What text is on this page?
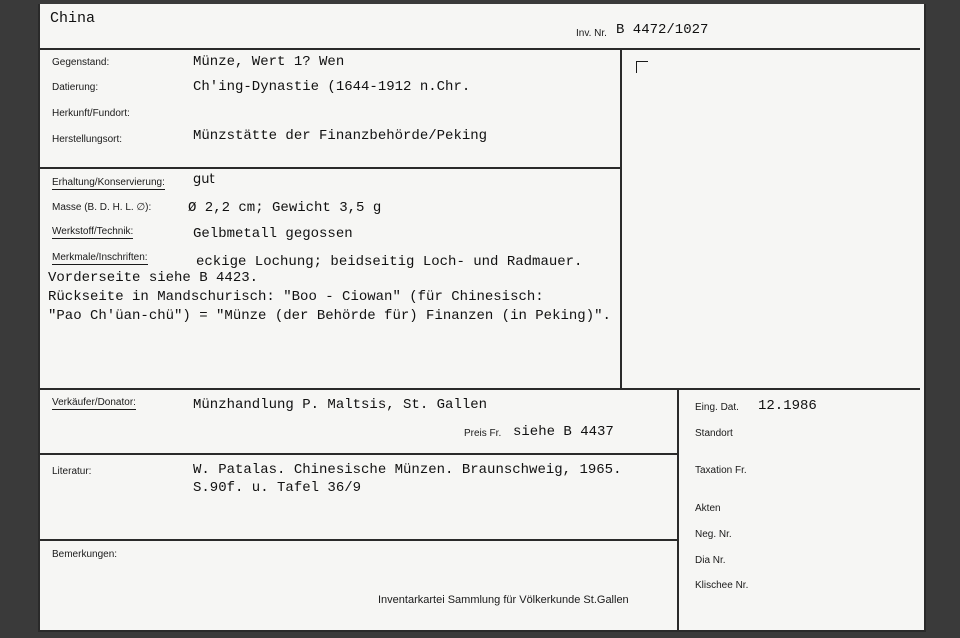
China
Inv. Nr. B 4472/1027
Gegenstand:	Münze, Wert 1? Wen
Datierung:	Ch'ing-Dynastie (1644-1912 n.Chr.
Herkunft/Fundort:
Herstellungsort:	Münzstätte der Finanzbehörde/Peking
Erhaltung/Konservierung: gut
Masse (B. D. H. L. ∅):	Ø 2,2 cm; Gewicht 3,5 g
Werkstoff/Technik:	Gelbmetall gegossen
Merkmale/Inschriften:	eckige Lochung; beidseitig Loch- und Radmauer.
Vorderseite siehe B 4423.
Rückseite in Mandschurisch: "Boo - Ciowan" (für Chinesisch:
"Pao Ch'üan-chü") = "Münze (der Behörde für) Finanzen (in Peking)".
Verkäufer/Donator:	Münzhandlung P. Maltsis, St. Gallen
Preis Fr. siehe B 4437
Literatur:	W. Patalas. Chinesische Münzen. Braunschweig, 1965.
S.90f. u. Tafel 36/9
Bemerkungen:
Inventarkartei Sammlung für Völkerkunde St.Gallen
Eing. Dat. 12.1986
Standort
Taxation Fr.
Akten
Neg. Nr.
Dia Nr.
Klischee Nr.
